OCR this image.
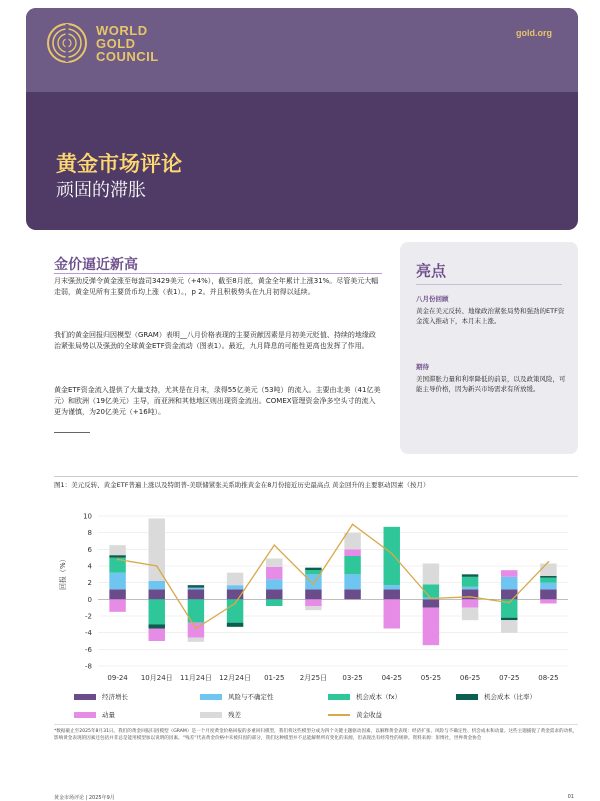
WORLD
GOLD
COUNCIL
gold.org
黄金市场评论
顽固的滞胀
金价逼近新高
月末强劲反弹令黄金涨至每盎司3429美元（+4%），截至8月底，黄金全年累计上涨31%。尽管美元大幅走弱，黄金见所有主要货币均上涨（表1）。，p 2。并且积极势头在九月初得以延续。
我们的黄金回报归因模型（GRAM）表明__八月价格表现的主要贡献因素是月初美元贬值、持续的地缘政治紧张局势以及强劲的全球黄金ETF资金流动（图表1）。最近，九月降息的可能性更高也发挥了作用。
黄金ETF资金流入提供了大量支持，尤其是在月末，录得55亿美元（53吨）的流入。主要由北美（41亿美元）和欧洲（19亿美元）主导，而亚洲和其他地区则出现资金流出。COMEX管理资金净多空头寸的流入更为谨慎，为20亿美元（+16吨）。
亮点
八月份回顾
黄金在美元反转、地缘政治紧张局势和强劲的ETF资金流入推动下，本月末上涨。
期待
美国滞胀力量和利率降低的前景，以及政策风险，可能主导价格，因为新兴市场需求有所放缓。
图1：美元反转、黄金ETF普遍上涨以及特朗普-美联储紧张关系助推黄金在8月份接近历史最高点 黄金回升的主要驱动因素（按月）
-8
-6
-4
-2
0
2
4
6
8
10
09-24 10月24日 11月24日 12月24日 01-25 2月25日 03-25	04-25	05-25	06-25	07-25	08-25
回报（%）
经济增长	风险与不确定性	机会成本（fx）	机会成本（比率）
动量	残差	黄金收益
*数据截止至2025年8月31日。我们的黄金回报归因模型（GRAM）是一个月度黄金价格回报的多重回归模型，我们将这些模型分成为四个关键主题驱动因素，以解释黄金表现：经济扩张、风险与不确定性、机会成本和动量。这些主题捕捉了黄金需求的动机，影响黄金表现的因素还包括并非总是能用模型加以说明的因素。“残差”代表黄金价格中未被归因的部分，我们这种模型并不总能解释所有变化的来源，但表现出有经常性的规律。资料来源：彭博社，世界黄金协会
黄金市场评论 | 2025年9月	01
